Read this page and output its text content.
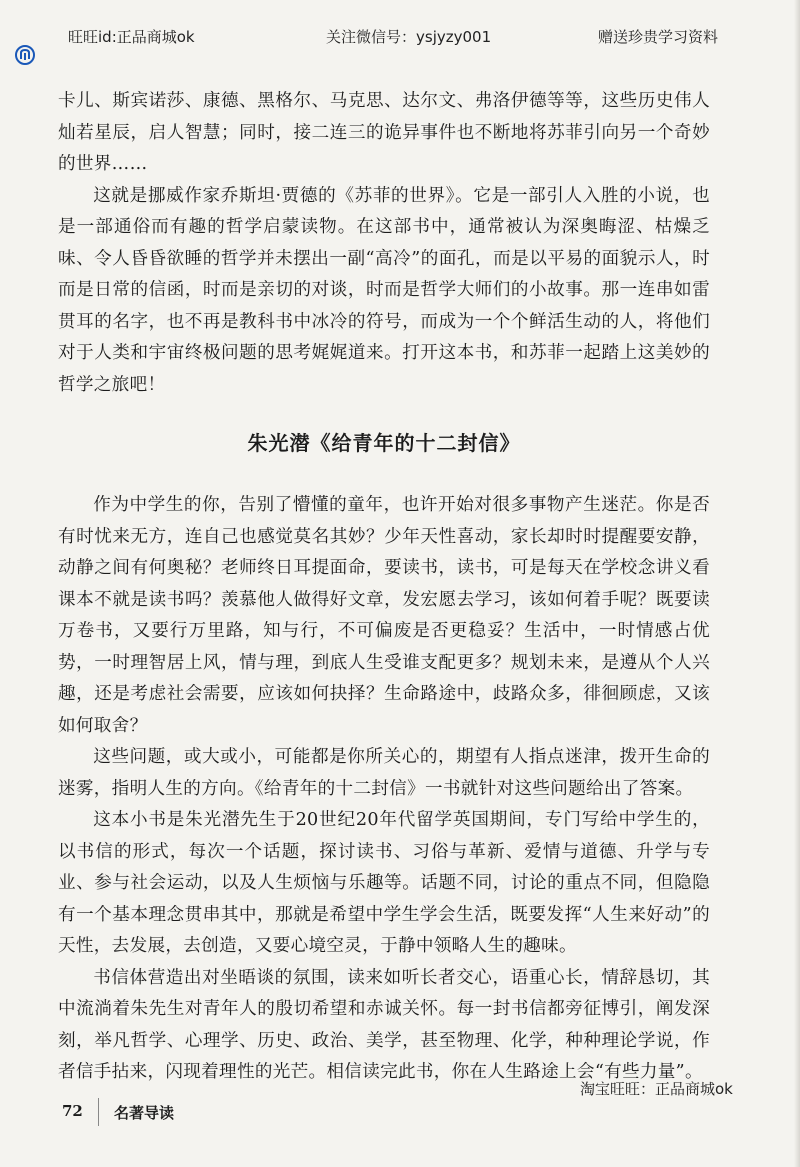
旺旺id:正品商城ok	关注微信号：ysjyzy001	赠送珍贵学习资料

卡儿、斯宾诺莎、康德、黑格尔、马克思、达尔文、弗洛伊德等等，这些历史伟人灿若星辰，启人智慧；同时，接二连三的诡异事件也不断地将苏菲引向另一个奇妙的世界……

这就是挪威作家乔斯坦·贾德的《苏菲的世界》。它是一部引人入胜的小说，也是一部通俗而有趣的哲学启蒙读物。在这部书中，通常被认为深奥晦涩、枯燥乏味、令人昏昏欲睡的哲学并未摆出一副“高冷”的面孔，而是以平易的面貌示人，时而是日常的信函，时而是亲切的对谈，时而是哲学大师们的小故事。那一连串如雷贯耳的名字，也不再是教科书中冰冷的符号，而成为一个个鲜活生动的人，将他们对于人类和宇宙终极问题的思考娓娓道来。打开这本书，和苏菲一起踏上这美妙的哲学之旅吧！

朱光潜《给青年的十二封信》

作为中学生的你，告别了懵懂的童年，也许开始对很多事物产生迷茫。你是否有时忧来无方，连自己也感觉莫名其妙？少年天性喜动，家长却时时提醒要安静，动静之间有何奥秘？老师终日耳提面命，要读书，读书，可是每天在学校念讲义看课本不就是读书吗？羡慕他人做得好文章，发宏愿去学习，该如何着手呢？既要读万卷书，又要行万里路，知与行，不可偏废是否更稳妥？生活中，一时情感占优势，一时理智居上风，情与理，到底人生受谁支配更多？规划未来，是遵从个人兴趣，还是考虑社会需要，应该如何抉择？生命路途中，歧路众多，徘徊顾虑，又该如何取舍？

这些问题，或大或小，可能都是你所关心的，期望有人指点迷津，拨开生命的迷雾，指明人生的方向。《给青年的十二封信》一书就针对这些问题给出了答案。

这本小书是朱光潜先生于20世纪20年代留学英国期间，专门写给中学生的，以书信的形式，每次一个话题，探讨读书、习俗与革新、爱情与道德、升学与专业、参与社会运动，以及人生烦恼与乐趣等。话题不同，讨论的重点不同，但隐隐有一个基本理念贯串其中，那就是希望中学生学会生活，既要发挥“人生来好动”的天性，去发展，去创造，又要心境空灵，于静中领略人生的趣味。

书信体营造出对坐晤谈的氛围，读来如听长者交心，语重心长，情辞恳切，其中流淌着朱先生对青年人的殷切希望和赤诚关怀。每一封书信都旁征博引，阐发深刻，举凡哲学、心理学、历史、政治、美学，甚至物理、化学，种种理论学说，作者信手拈来，闪现着理性的光芒。相信读完此书，你在人生路途上会“有些力量”。

淘宝旺旺：正品商城ok
72 名著导读
